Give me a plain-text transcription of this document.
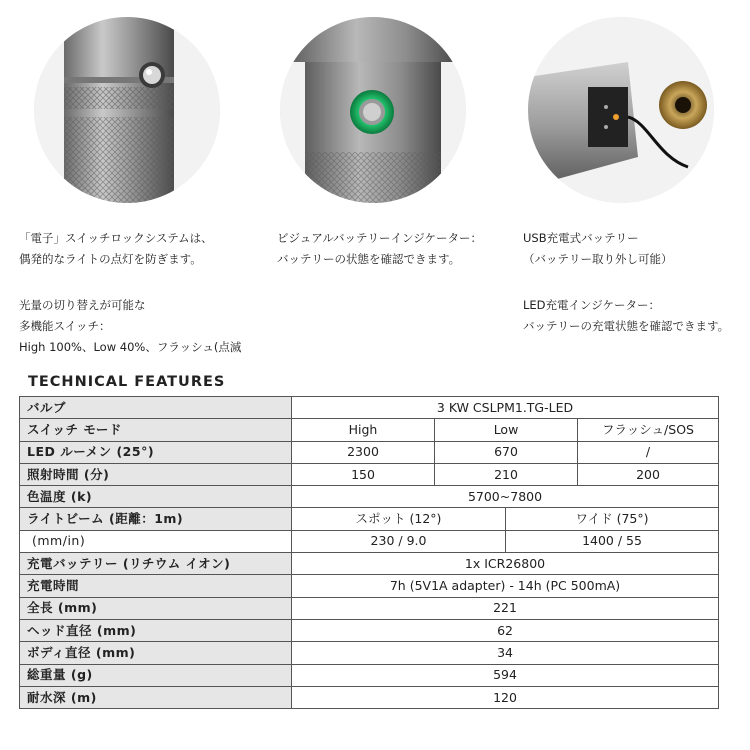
「電子」スイッチロックシステムは、
偶発的なライトの点灯を防ぎます。
光量の切り替えが可能な
多機能スイッチ：
High 100%、Low 40%、フラッシュ(点滅
ビジュアルバッテリーインジケーター：
バッテリーの状態を確認できます。
USB充電式バッテリー
（バッテリー取り外し可能）
LED充電インジケーター：
バッテリーの充電状態を確認できます。
TECHNICAL FEATURES
バルブ	3 KW CSLPM1.TG-LED			
スイッチ モード	High	Low		フラッシュ/SOS
LED ルーメン (25°)	2300	670		/
照射時間 (分)	150	210		200
色温度 (k)	5700~7800			
ライトビーム (距離：1m)	スポット (12°)		ワイド (75°)	
(mm/in)	230 / 9.0		1400 / 55	
充電バッテリー (リチウム イオン)	1x ICR26800			
充電時間	7h (5V1A adapter) - 14h (PC 500mA)			
全長 (mm)	221			
ヘッド直径 (mm)	62			
ボディ直径 (mm)	34			
総重量 (g)	594			
耐水深 (m)	120			
